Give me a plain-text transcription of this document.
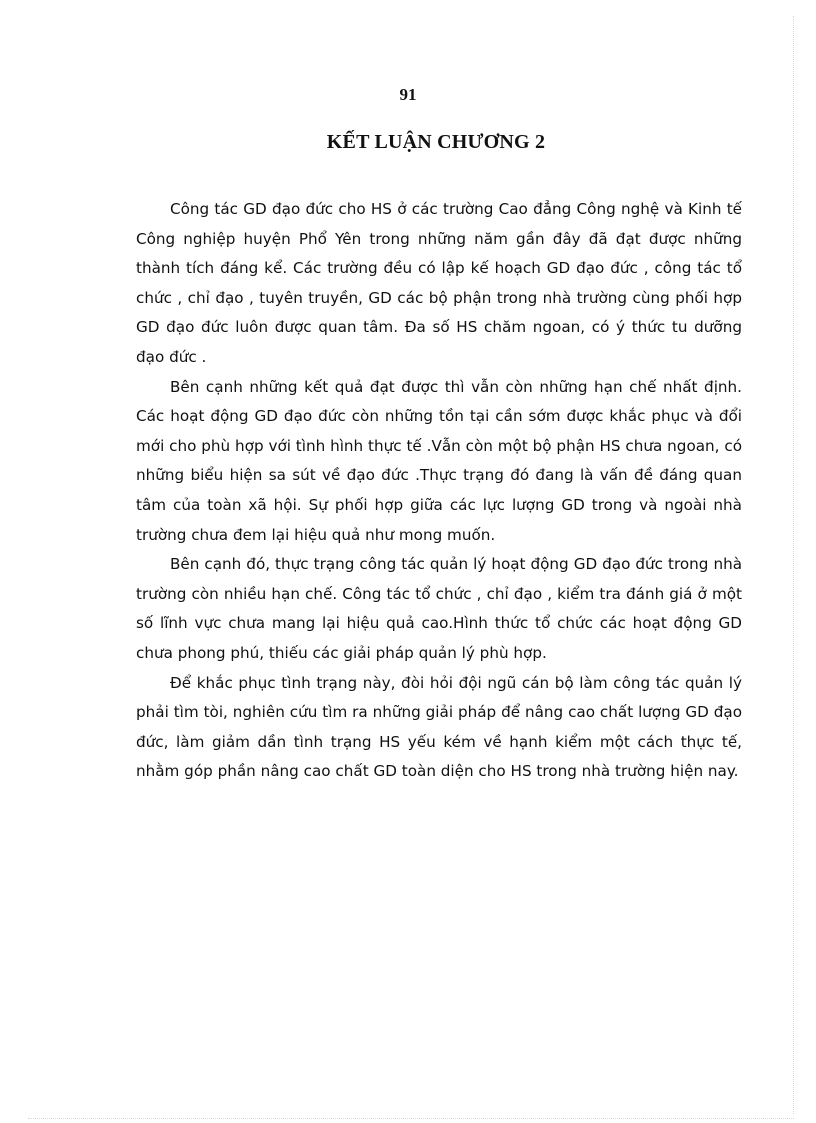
91
KẾT LUẬN CHƯƠNG 2

Công tác GD đạo đức cho HS ở các trường Cao đẳng Công nghệ và Kinh tế Công nghiệp huyện Phổ Yên trong những năm gần đây đã đạt được những thành tích đáng kể. Các trường đều có lập kế hoạch GD đạo đức , công tác tổ chức , chỉ đạo , tuyên truyền, GD các bộ phận trong nhà trường cùng phối hợp GD đạo đức luôn được quan tâm. Đa số HS chăm ngoan, có ý thức tu dưỡng đạo đức .

Bên cạnh những kết quả đạt được thì vẫn còn những hạn chế nhất định. Các hoạt động GD đạo đức còn những tồn tại cần sớm được khắc phục và đổi mới cho phù hợp với tình hình thực tế .Vẫn còn một bộ phận HS chưa ngoan, có những biểu hiện sa sút về đạo đức .Thực trạng đó đang là vấn đề đáng quan tâm của toàn xã hội. Sự phối hợp giữa các lực lượng GD trong và ngoài nhà trường chưa đem lại hiệu quả như mong muốn.

Bên cạnh đó, thực trạng công tác quản lý hoạt động GD đạo đức trong nhà trường còn nhiều hạn chế. Công tác tổ chức , chỉ đạo , kiểm tra đánh giá ở một số lĩnh vực chưa mang lại hiệu quả cao.Hình thức tổ chức các hoạt động GD chưa phong phú, thiếu các giải pháp quản lý phù hợp.

Để khắc phục tình trạng này, đòi hỏi đội ngũ cán bộ làm công tác quản lý phải tìm tòi, nghiên cứu tìm ra những giải pháp để nâng cao chất lượng GD đạo đức, làm giảm dần tình trạng HS yếu kém về hạnh kiểm một cách thực tế, nhằm góp phần nâng cao chất GD toàn diện cho HS trong nhà trường hiện nay.
